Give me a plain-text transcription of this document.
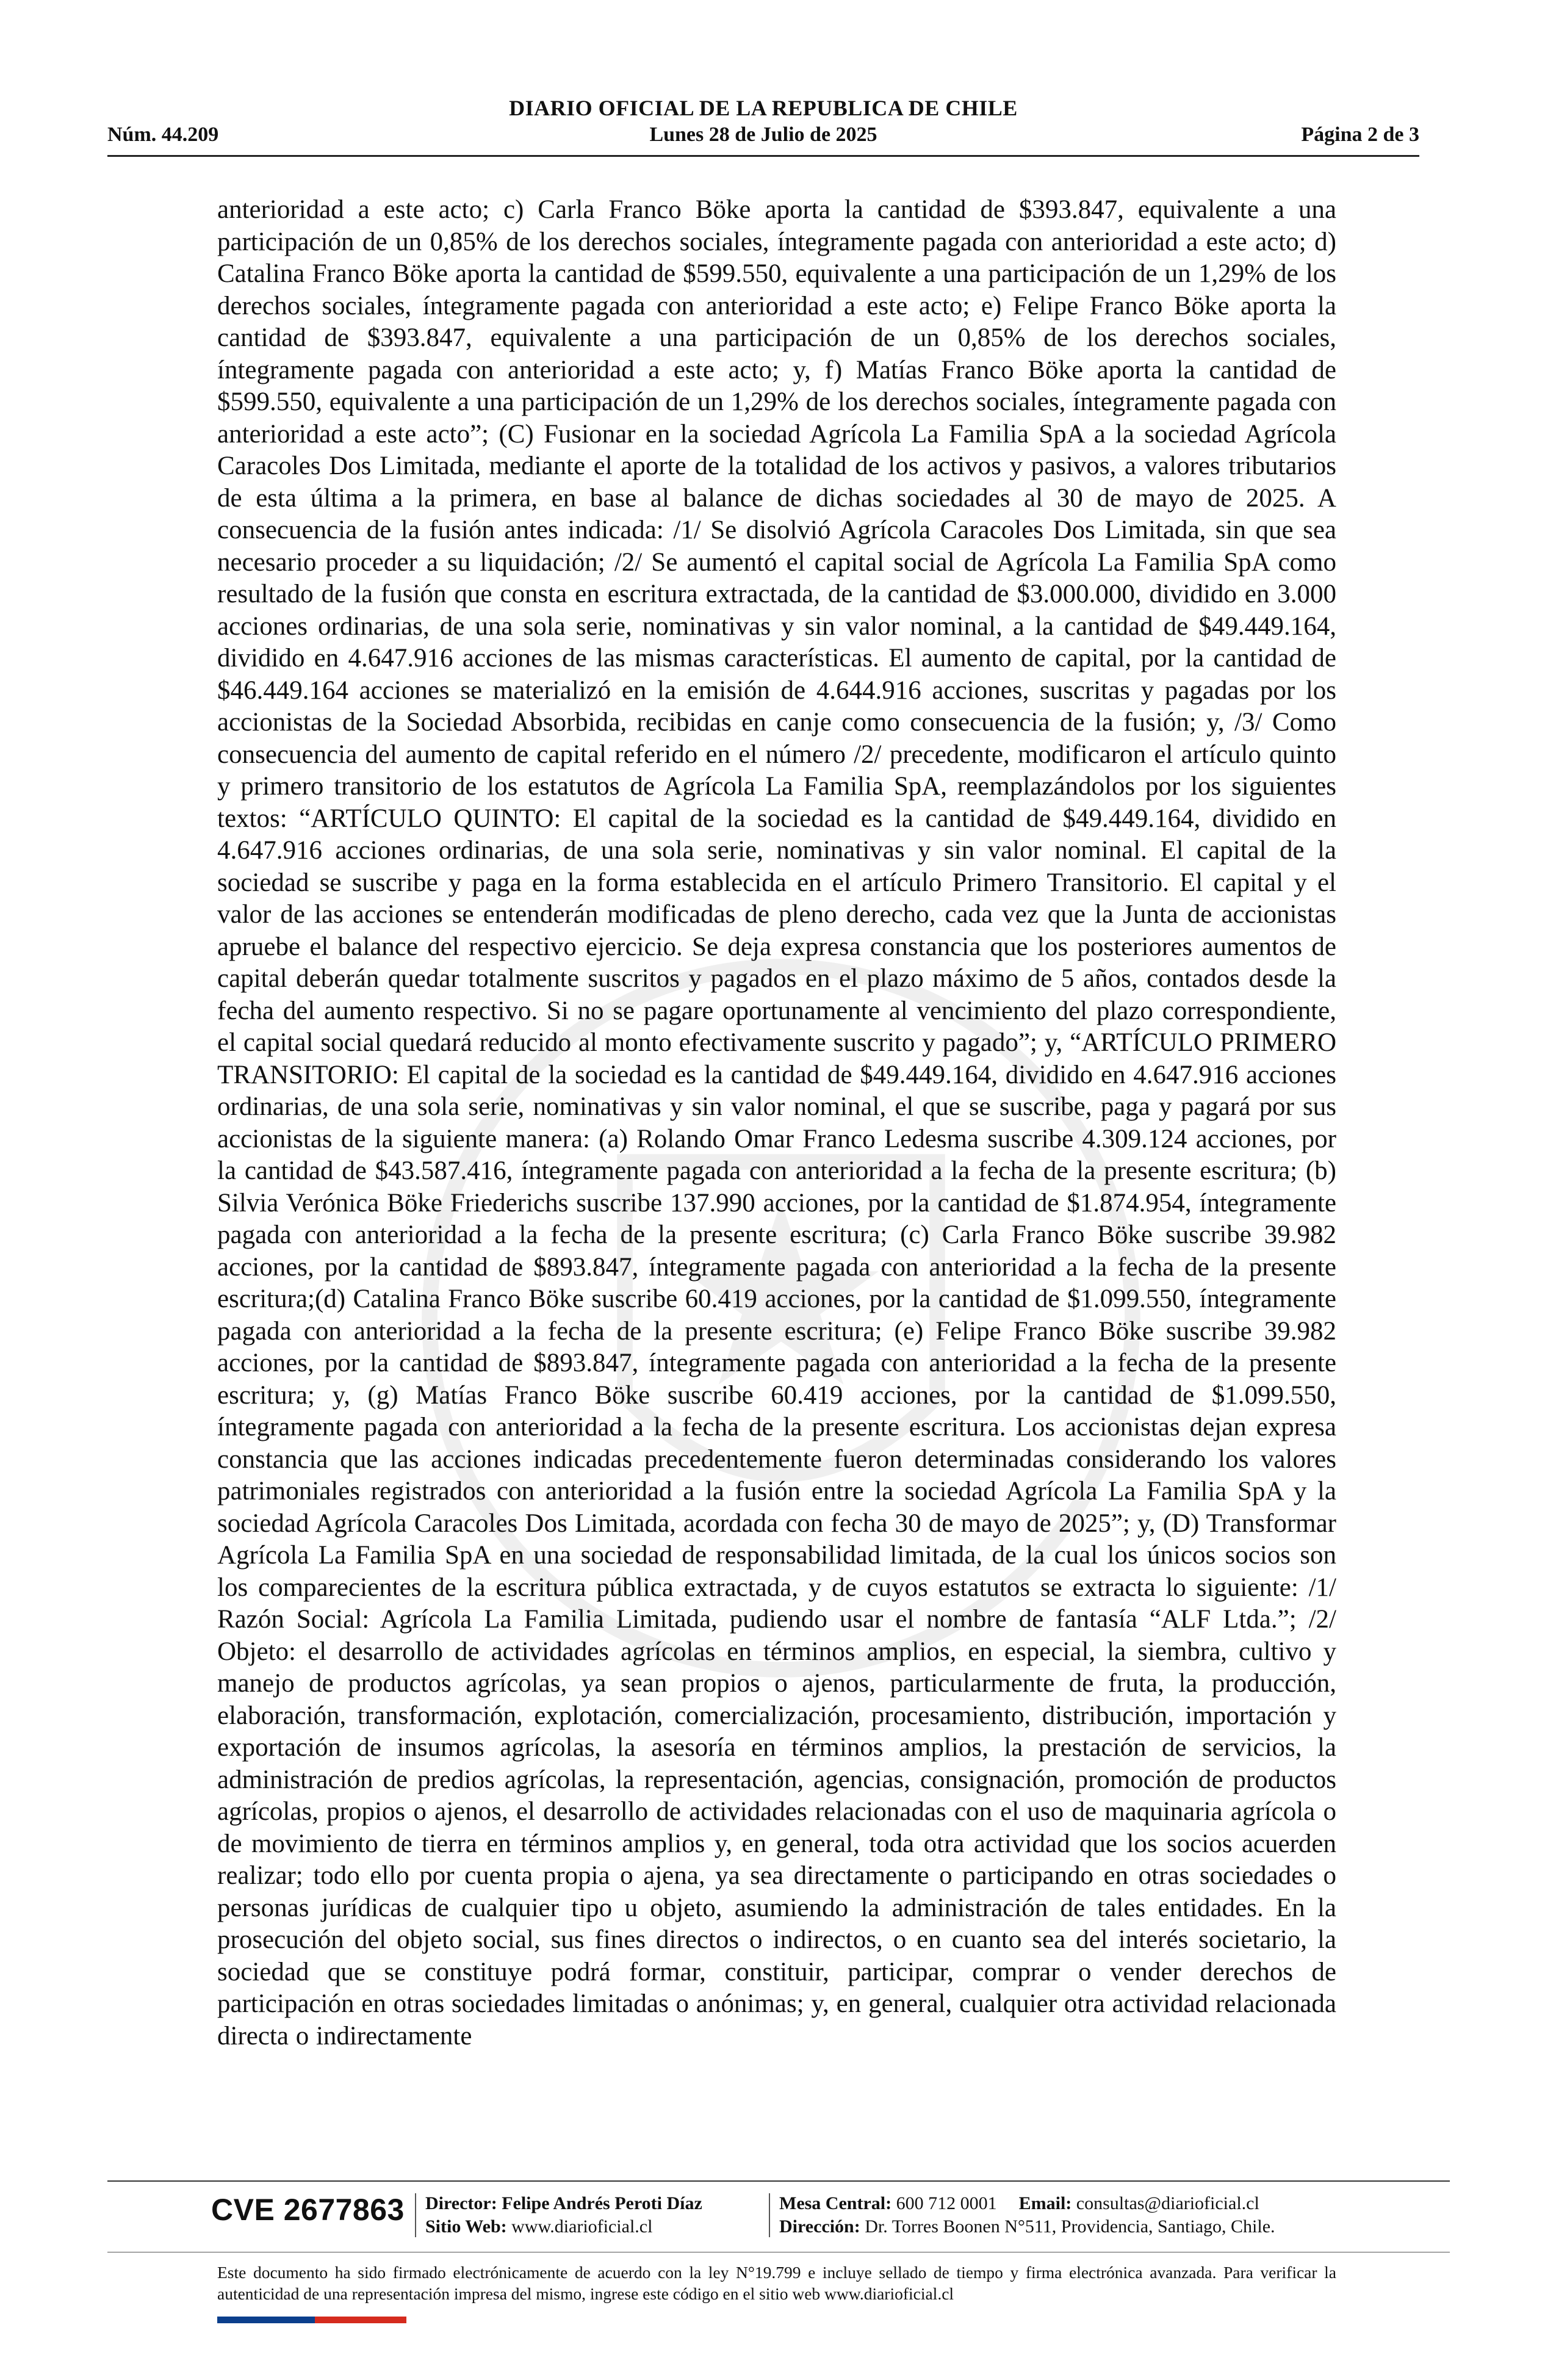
DIARIO OFICIAL DE LA REPUBLICA DE CHILE
Núm. 44.209	Lunes 28 de Julio de 2025	Página 2 de 3

anterioridad a este acto; c) Carla Franco Böke aporta la cantidad de $393.847, equivalente a una participación de un 0,85% de los derechos sociales, íntegramente pagada con anterioridad a este acto; d) Catalina Franco Böke aporta la cantidad de $599.550, equivalente a una participación de un 1,29% de los derechos sociales, íntegramente pagada con anterioridad a este acto; e) Felipe Franco Böke aporta la cantidad de $393.847, equivalente a una participación de un 0,85% de los derechos sociales, íntegramente pagada con anterioridad a este acto; y, f) Matías Franco Böke aporta la cantidad de $599.550, equivalente a una participación de un 1,29% de los derechos sociales, íntegramente pagada con anterioridad a este acto”; (C) Fusionar en la sociedad Agrícola La Familia SpA a la sociedad Agrícola Caracoles Dos Limitada, mediante el aporte de la totalidad de los activos y pasivos, a valores tributarios de esta última a la primera, en base al balance de dichas sociedades al 30 de mayo de 2025. A consecuencia de la fusión antes indicada: /1/ Se disolvió Agrícola Caracoles Dos Limitada, sin que sea necesario proceder a su liquidación; /2/ Se aumentó el capital social de Agrícola La Familia SpA como resultado de la fusión que consta en escritura extractada, de la cantidad de $3.000.000, dividido en 3.000 acciones ordinarias, de una sola serie, nominativas y sin valor nominal, a la cantidad de $49.449.164, dividido en 4.647.916 acciones de las mismas características. El aumento de capital, por la cantidad de $46.449.164 acciones se materializó en la emisión de 4.644.916 acciones, suscritas y pagadas por los accionistas de la Sociedad Absorbida, recibidas en canje como consecuencia de la fusión; y, /3/ Como consecuencia del aumento de capital referido en el número /2/ precedente, modificaron el artículo quinto y primero transitorio de los estatutos de Agrícola La Familia SpA, reemplazándolos por los siguientes textos: “ARTÍCULO QUINTO: El capital de la sociedad es la cantidad de $49.449.164, dividido en 4.647.916 acciones ordinarias, de una sola serie, nominativas y sin valor nominal. El capital de la sociedad se suscribe y paga en la forma establecida en el artículo Primero Transitorio. El capital y el valor de las acciones se entenderán modificadas de pleno derecho, cada vez que la Junta de accionistas apruebe el balance del respectivo ejercicio. Se deja expresa constancia que los posteriores aumentos de capital deberán quedar totalmente suscritos y pagados en el plazo máximo de 5 años, contados desde la fecha del aumento respectivo. Si no se pagare oportunamente al vencimiento del plazo correspondiente, el capital social quedará reducido al monto efectivamente suscrito y pagado”; y, “ARTÍCULO PRIMERO TRANSITORIO: El capital de la sociedad es la cantidad de $49.449.164, dividido en 4.647.916 acciones ordinarias, de una sola serie, nominativas y sin valor nominal, el que se suscribe, paga y pagará por sus accionistas de la siguiente manera: (a) Rolando Omar Franco Ledesma suscribe 4.309.124 acciones, por la cantidad de $43.587.416, íntegramente pagada con anterioridad a la fecha de la presente escritura; (b) Silvia Verónica Böke Friederichs suscribe 137.990 acciones, por la cantidad de $1.874.954, íntegramente pagada con anterioridad a la fecha de la presente escritura; (c) Carla Franco Böke suscribe 39.982 acciones, por la cantidad de $893.847, íntegramente pagada con anterioridad a la fecha de la presente escritura;(d) Catalina Franco Böke suscribe 60.419 acciones, por la cantidad de $1.099.550, íntegramente pagada con anterioridad a la fecha de la presente escritura; (e) Felipe Franco Böke suscribe 39.982 acciones, por la cantidad de $893.847, íntegramente pagada con anterioridad a la fecha de la presente escritura; y, (g) Matías Franco Böke suscribe 60.419 acciones, por la cantidad de $1.099.550, íntegramente pagada con anterioridad a la fecha de la presente escritura. Los accionistas dejan expresa constancia que las acciones indicadas precedentemente fueron determinadas considerando los valores patrimoniales registrados con anterioridad a la fusión entre la sociedad Agrícola La Familia SpA y la sociedad Agrícola Caracoles Dos Limitada, acordada con fecha 30 de mayo de 2025”; y, (D) Transformar Agrícola La Familia SpA en una sociedad de responsabilidad limitada, de la cual los únicos socios son los comparecientes de la escritura pública extractada, y de cuyos estatutos se extracta lo siguiente: /1/ Razón Social: Agrícola La Familia Limitada, pudiendo usar el nombre de fantasía “ALF Ltda.”; /2/ Objeto: el desarrollo de actividades agrícolas en términos amplios, en especial, la siembra, cultivo y manejo de productos agrícolas, ya sean propios o ajenos, particularmente de fruta, la producción, elaboración, transformación, explotación, comercialización, procesamiento, distribución, importación y exportación de insumos agrícolas, la asesoría en términos amplios, la prestación de servicios, la administración de predios agrícolas, la representación, agencias, consignación, promoción de productos agrícolas, propios o ajenos, el desarrollo de actividades relacionadas con el uso de maquinaria agrícola o de movimiento de tierra en términos amplios y, en general, toda otra actividad que los socios acuerden realizar; todo ello por cuenta propia o ajena, ya sea directamente o participando en otras sociedades o personas jurídicas de cualquier tipo u objeto, asumiendo la administración de tales entidades. En la prosecución del objeto social, sus fines directos o indirectos, o en cuanto sea del interés societario, la sociedad que se constituye podrá formar, constituir, participar, comprar o vender derechos de participación en otras sociedades limitadas o anónimas; y, en general, cualquier otra actividad relacionada directa o indirectamente

CVE 2677863 Director: Felipe Andrés Peroti Díaz
Sitio Web: www.diarioficial.cl
Mesa Central: 600 712 0001 Email: consultas@diarioficial.cl
Dirección: Dr. Torres Boonen N°511, Providencia, Santiago, Chile.
Este documento ha sido firmado electrónicamente de acuerdo con la ley N°19.799 e incluye sellado de tiempo y firma electrónica avanzada. Para verificar la autenticidad de una representación impresa del mismo, ingrese este código en el sitio web www.diarioficial.cl
